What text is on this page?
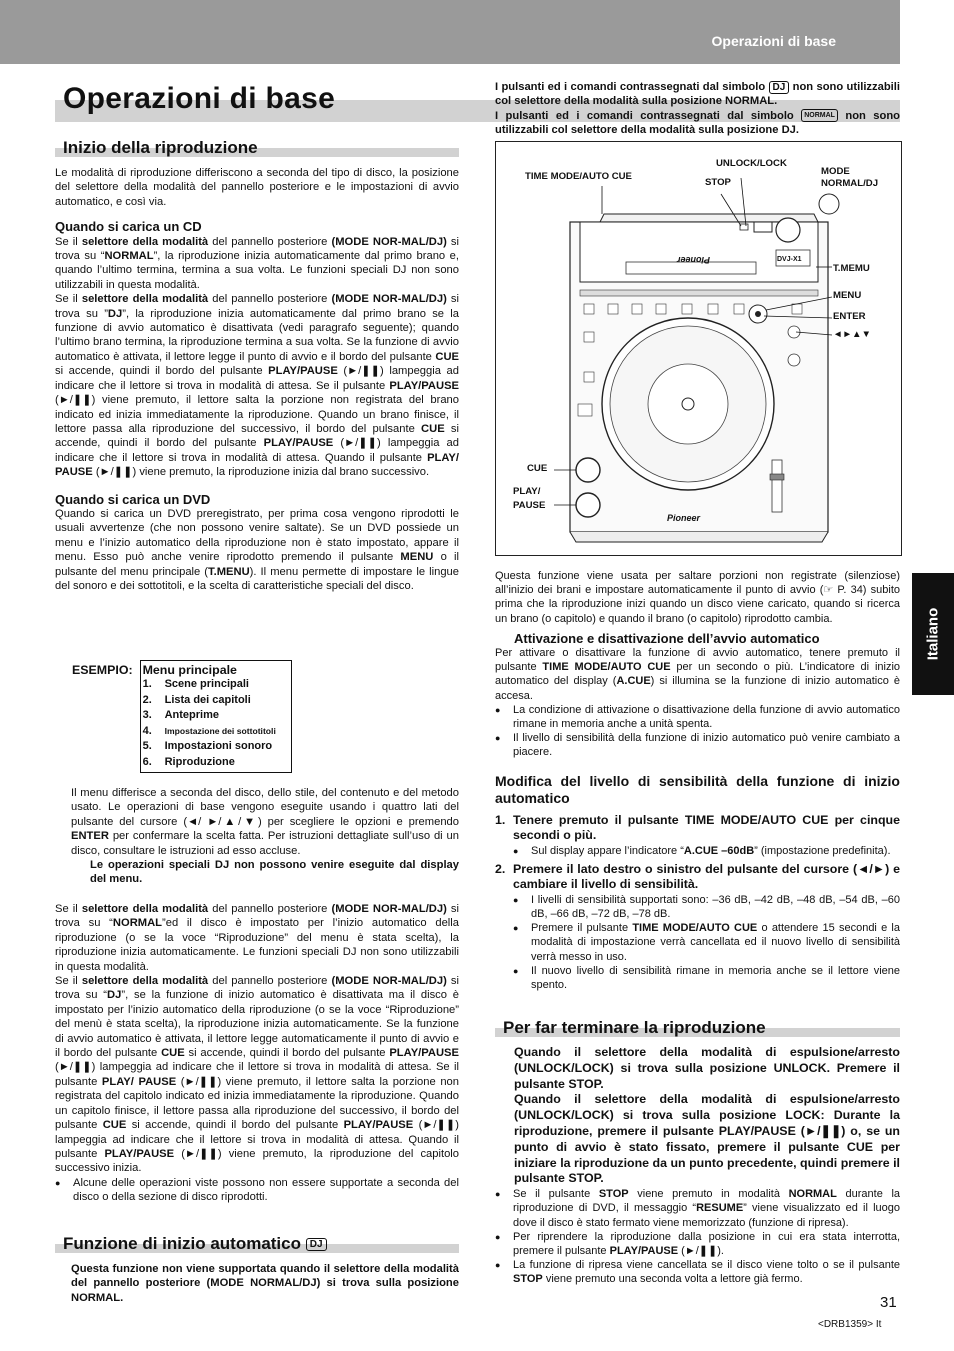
Operazioni di base
Operazioni di base
Italiano
Inizio della riproduzione

Le modalità di riproduzione differiscono a seconda del tipo di disco, la posizione del selettore della modalità del pannello posteriore e le impostazioni di avvio automatico, e così via.

Quando si carica un CD

Se il selettore della modalità del pannello posteriore (MODE NOR-MAL/DJ) si trova su “NORMAL”, la riproduzione inizia automaticamente dal primo brano e, quando l’ultimo termina, termina a sua volta. Le funzioni speciali DJ non sono utilizzabili in questa modalità.
Se il selettore della modalità del pannello posteriore (MODE NOR-MAL/DJ) si trova su ”DJ”, la riproduzione inizia automaticamente dal primo brano se la funzione di avvio automatico è disattivata (vedi paragrafo seguente); quando l’ultimo brano termina, la riproduzione termina a sua volta. Se la funzione di avvio automatico è attivata, il lettore legge il punto di avvio e il bordo del pulsante CUE si accende, quindi il bordo del pulsante PLAY/PAUSE (►/❚❚) lampeggia ad indicare che il lettore si trova in modalità di attesa. Se il pulsante PLAY/PAUSE (►/❚❚) viene premuto, il lettore salta la porzione non registrata del brano indicato ed inizia immediatamente la riproduzione. Quando un brano finisce, il lettore passa alla riproduzione del successivo, il bordo del pulsante CUE si accende, quindi il bordo del pulsante PLAY/PAUSE (►/❚❚) lampeggia ad indicare che il lettore si trova in modalità di attesa. Quando il pulsante PLAY/ PAUSE (►/❚❚) viene premuto, la riproduzione inizia dal brano successivo.

Quando si carica un DVD

Quando si carica un DVD preregistrato, per prima cosa vengono riprodotti le usuali avvertenze (che non possono venire saltate). Se un DVD possiede un menu e l’inizio automatico della riproduzione non è stato impostato, appare il menu. Esso può anche venire riprodotto premendo il pulsante MENU o il pulsante del menu principale (T.MENU). Il menu permette di impostare le lingue del sonoro e dei sottotitoli, e la scelta di caratteristiche speciali del disco.

ESEMPIO:	Menu principale
1. Scene principali
2. Lista dei capitoli
3. Anteprime
4. Impostazione dei sottotitoli
5. Impostazioni sonoro
6. Riproduzione

Il menu differisce a seconda del disco, dello stile, del contenuto e del metodo usato. Le operazioni di base vengono eseguite usando i quattro lati del pulsante del cursore (◄/ ►/▲/▼) per scegliere le opzioni e premendo ENTER per confermare la scelta fatta. Per istruzioni dettagliate sull’uso di un disco, consultare le istruzioni ad esso accluse.

Le operazioni speciali DJ non possono venire eseguite dal display del menu.

Se il selettore della modalità del pannello posteriore (MODE NOR-MAL/DJ) si trova su “NORMAL”ed il disco è impostato per l’inizio automatico della riproduzione (o se la voce “Riproduzione” del menu è stata scelta), la riproduzione inizia automaticamente. Le funzioni speciali DJ non sono utilizzabili in questa modalità.
Se il selettore della modalità del pannello posteriore (MODE NOR-MAL/DJ) si trova su “DJ”, se la funzione di inizio automatico è disattivata ma il disco è impostato per l’inizio automatico della riproduzione (o se la voce “Riproduzione” del menù è stata scelta), la riproduzione inizia automaticamente. Se la funzione di avvio automatico è attivata, il lettore legge automaticamente il punto di avvio e il bordo del pulsante CUE si accende, quindi il bordo del pulsante PLAY/PAUSE (►/❚❚) lampeggia ad indicare che il lettore si trova in modalità di attesa. Se il pulsante PLAY/ PAUSE (►/❚❚) viene premuto, il lettore salta la porzione non registrata del capitolo indicato ed inizia immediatamente la riproduzione. Quando un capitolo finisce, il lettore passa alla riproduzione del successivo, il bordo del pulsante CUE si accende, quindi il bordo del pulsante PLAY/PAUSE (►/❚❚) lampeggia ad indicare che il lettore si trova in modalità di attesa. Quando il pulsante PLAY/PAUSE (►/❚❚) viene premuto, la riproduzione del capitolo successivo inizia.

● Alcune delle operazioni viste possono non essere supportate a seconda del disco o della sezione di disco riprodotti.

Funzione di inizio automatico DJ
Questa funzione non viene supportata quando il selettore della modalità del pannello posteriore (MODE NORMAL/DJ) si trova sulla posizione NORMAL.

I pulsanti ed i comandi contrassegnati dal simbolo DJ non sono utilizzabili col selettore della modalità sulla posizione NORMAL.

I pulsanti ed i comandi contrassegnati dal simbolo NORMAL non sono utilizzabili col selettore della modalità sulla posizione DJ.

Pioneer	DVJ-X1
Pioneer
TIME MODE/AUTO CUE
UNLOCK/LOCK
STOP
MODE
NORMAL/DJ
T.MEMU
MENU
ENTER
◄►▲▼
CUE
PLAY/
PAUSE

Questa funzione viene usata per saltare porzioni non registrate (silenziose) all’inizio dei brani e impostare automaticamente il punto di avvio (☞ P. 34) subito prima che la riproduzione inizi quando un disco viene caricato, quando si ricerca un brano (o capitolo) e quando il brano (o capitolo) riprodotto cambia.

Attivazione e disattivazione dell’avvio automatico

Per attivare o disattivare la funzione di avvio automatico, tenere premuto il pulsante TIME MODE/AUTO CUE per un secondo o più. L’indicatore di inizio automatico del display (A.CUE) si illumina se la funzione di inizio automatico è accesa.

● La condizione di attivazione o disattivazione della funzione di avvio automatico rimane in memoria anche a unità spenta.

● Il livello di sensibilità della funzione di inizio automatico può venire cambiato a piacere.

Modifica del livello di sensibilità della funzione di inizio automatico

1. Tenere premuto il pulsante TIME MODE/AUTO CUE per cinque secondi o più.

● Sul display appare l’indicatore “A.CUE –60dB” (impostazione predefinita).

2. Premere il lato destro o sinistro del pulsante del cursore (◄/►) e cambiare il livello di sensibilità.

● I livelli di sensibilità supportati sono: –36 dB, –42 dB, –48 dB, –54 dB, –60 dB, –66 dB, –72 dB, –78 dB.

● Premere il pulsante TIME MODE/AUTO CUE o attendere 15 secondi e la modalità di impostazione verrà cancellata ed il nuovo livello di sensibilità verrà messo in uso.

● Il nuovo livello di sensibilità rimane in memoria anche se il lettore viene spento.

Per far terminare la riproduzione

Quando il selettore della modalità di espulsione/arresto (UNLOCK/LOCK) si trova sulla posizione UNLOCK. Premere il pulsante STOP.

Quando il selettore della modalità di espulsione/arresto (UNLOCK/LOCK) si trova sulla posizione LOCK: Durante la riproduzione, premere il pulsante PLAY/PAUSE (►/❚❚) o, se un punto di avvio è stato fissato, premere il pulsante CUE per iniziare la riproduzione da un punto precedente, quindi premere il pulsante STOP.

● Se il pulsante STOP viene premuto in modalità NORMAL durante la riproduzione di DVD, il messaggio “RESUME” viene visualizzato ed il luogo dove il disco è stato fermato viene memorizzato (funzione di ripresa).

● Per riprendere la riproduzione dalla posizione in cui era stata interrotta, premere il pulsante PLAY/PAUSE (►/❚❚).

● La funzione di ripresa viene cancellata se il disco viene tolto o se il pulsante STOP viene premuto una seconda volta a lettore già fermo.

31
<DRB1359> It
